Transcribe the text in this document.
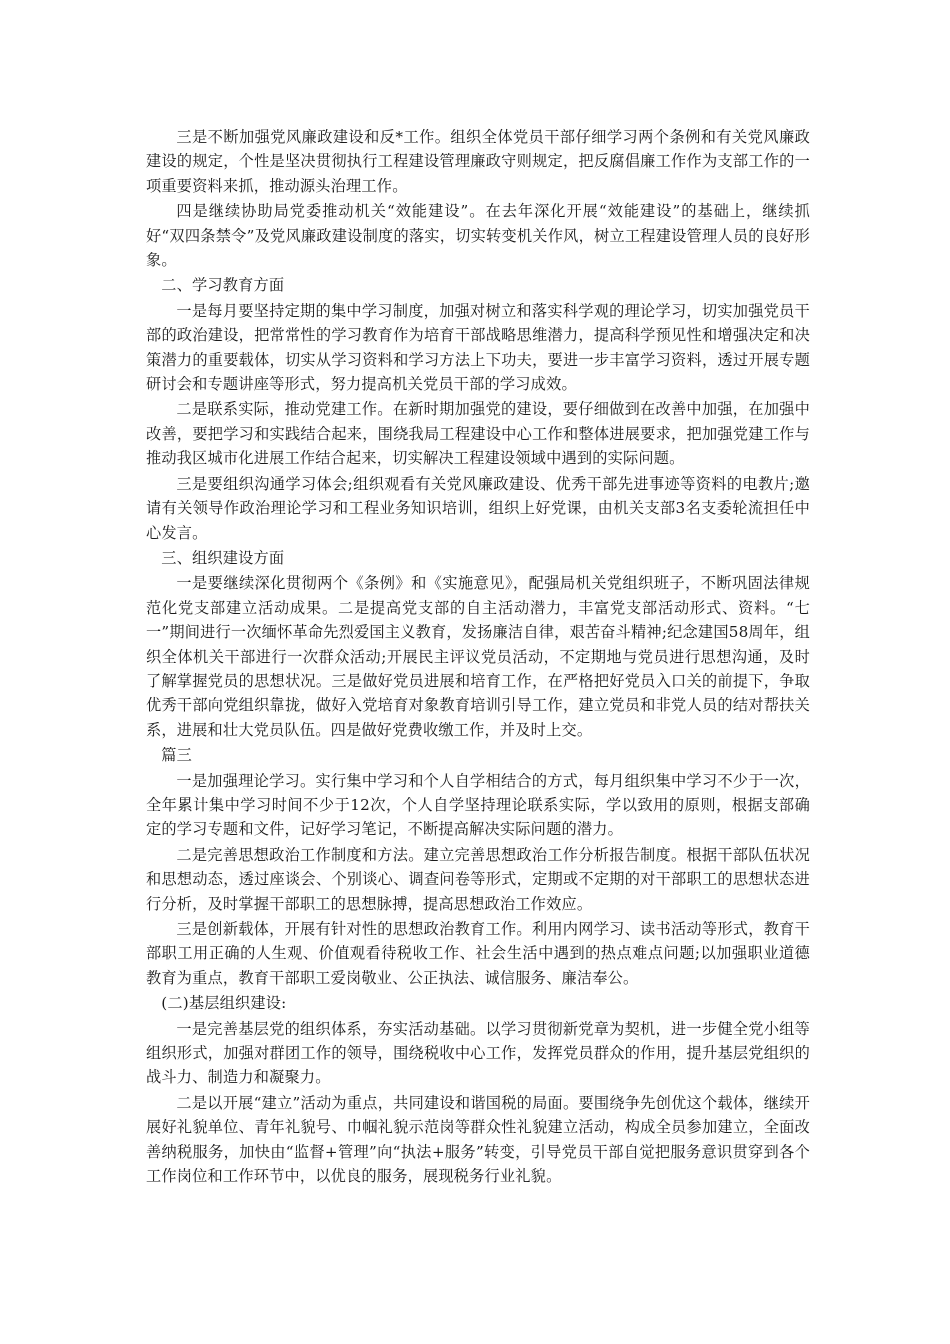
三是不断加强党风廉政建设和反*工作。组织全体党员干部仔细学习两个条例和有关党风廉政建设的规定，个性是坚决贯彻执行工程建设管理廉政守则规定，把反腐倡廉工作作为支部工作的一项重要资料来抓，推动源头治理工作。

四是继续协助局党委推动机关“效能建设”。在去年深化开展“效能建设”的基础上，继续抓好“双四条禁令”及党风廉政建设制度的落实，切实转变机关作风，树立工程建设管理人员的良好形象。

二、学习教育方面

一是每月要坚持定期的集中学习制度，加强对树立和落实科学观的理论学习，切实加强党员干部的政治建设，把常常性的学习教育作为培育干部战略思维潜力，提高科学预见性和增强决定和决策潜力的重要载体，切实从学习资料和学习方法上下功夫，要进一步丰富学习资料，透过开展专题研讨会和专题讲座等形式，努力提高机关党员干部的学习成效。

二是联系实际，推动党建工作。在新时期加强党的建设，要仔细做到在改善中加强，在加强中改善，要把学习和实践结合起来，围绕我局工程建设中心工作和整体进展要求，把加强党建工作与推动我区城市化进展工作结合起来，切实解决工程建设领域中遇到的实际问题。

三是要组织沟通学习体会;组织观看有关党风廉政建设、优秀干部先进事迹等资料的电教片;邀请有关领导作政治理论学习和工程业务知识培训，组织上好党课，由机关支部3名支委轮流担任中心发言。

三、组织建设方面

一是要继续深化贯彻两个《条例》和《实施意见》，配强局机关党组织班子，不断巩固法律规范化党支部建立活动成果。二是提高党支部的自主活动潜力，丰富党支部活动形式、资料。“七一”期间进行一次缅怀革命先烈爱国主义教育，发扬廉洁自律，艰苦奋斗精神;纪念建国58周年，组织全体机关干部进行一次群众活动;开展民主评议党员活动，不定期地与党员进行思想沟通，及时了解掌握党员的思想状况。三是做好党员进展和培育工作，在严格把好党员入口关的前提下，争取优秀干部向党组织靠拢，做好入党培育对象教育培训引导工作，建立党员和非党人员的结对帮扶关系，进展和壮大党员队伍。四是做好党费收缴工作，并及时上交。

篇三

一是加强理论学习。实行集中学习和个人自学相结合的方式，每月组织集中学习不少于一次，全年累计集中学习时间不少于12次，个人自学坚持理论联系实际，学以致用的原则，根据支部确定的学习专题和文件，记好学习笔记，不断提高解决实际问题的潜力。

二是完善思想政治工作制度和方法。建立完善思想政治工作分析报告制度。根据干部队伍状况和思想动态，透过座谈会、个别谈心、调查问卷等形式，定期或不定期的对干部职工的思想状态进行分析，及时掌握干部职工的思想脉搏，提高思想政治工作效应。

三是创新载体，开展有针对性的思想政治教育工作。利用内网学习、读书活动等形式，教育干部职工用正确的人生观、价值观看待税收工作、社会生活中遇到的热点难点问题;以加强职业道德教育为重点，教育干部职工爱岗敬业、公正执法、诚信服务、廉洁奉公。

(二)基层组织建设:

一是完善基层党的组织体系，夯实活动基础。以学习贯彻新党章为契机，进一步健全党小组等组织形式，加强对群团工作的领导，围绕税收中心工作，发挥党员群众的作用，提升基层党组织的战斗力、制造力和凝聚力。

二是以开展“建立”活动为重点，共同建设和谐国税的局面。要围绕争先创优这个载体，继续开展好礼貌单位、青年礼貌号、巾帼礼貌示范岗等群众性礼貌建立活动，构成全员参加建立，全面改善纳税服务，加快由“监督+管理”向“执法+服务”转变，引导党员干部自觉把服务意识贯穿到各个工作岗位和工作环节中，以优良的服务，展现税务行业礼貌。
